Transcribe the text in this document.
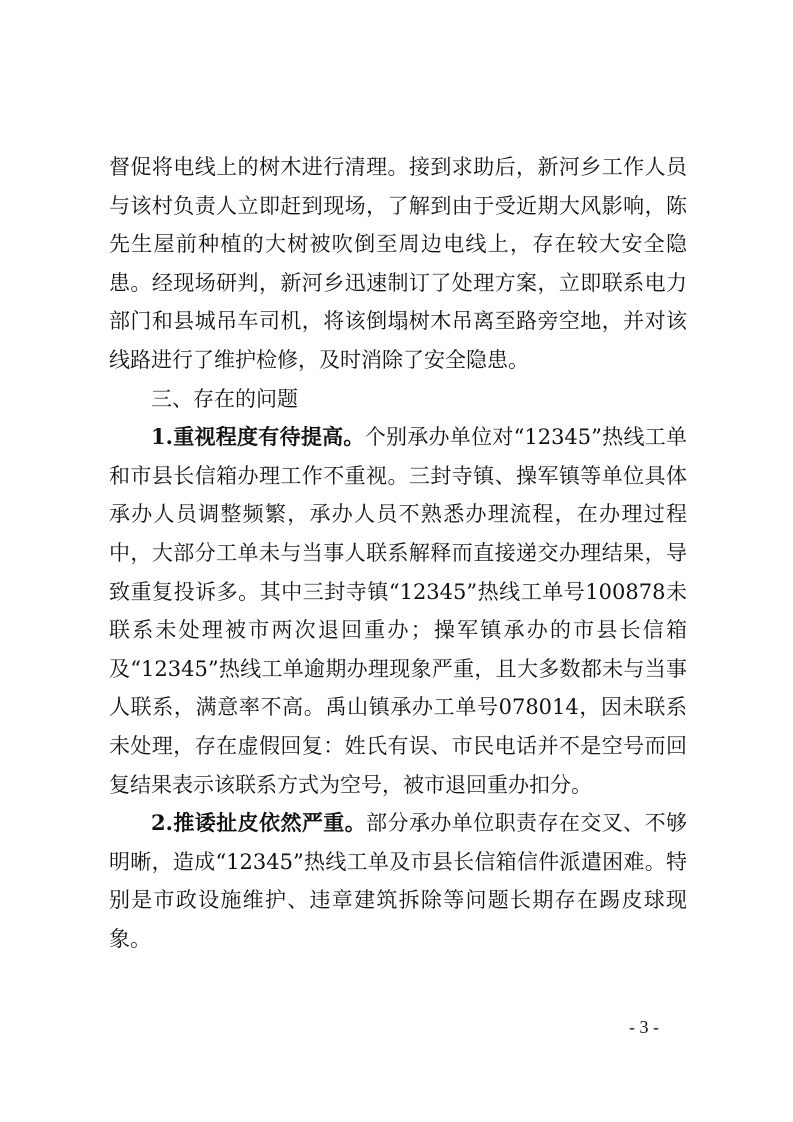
督促将电线上的树木进行清理。接到求助后，新河乡工作人员与该村负责人立即赶到现场，了解到由于受近期大风影响，陈先生屋前种植的大树被吹倒至周边电线上，存在较大安全隐患。经现场研判，新河乡迅速制订了处理方案，立即联系电力部门和县城吊车司机，将该倒塌树木吊离至路旁空地，并对该线路进行了维护检修，及时消除了安全隐患。

三、存在的问题

1.重视程度有待提高。个别承办单位对“12345”热线工单和市县长信箱办理工作不重视。三封寺镇、操军镇等单位具体承办人员调整频繁，承办人员不熟悉办理流程，在办理过程中，大部分工单未与当事人联系解释而直接递交办理结果，导致重复投诉多。其中三封寺镇“12345”热线工单号100878未联系未处理被市两次退回重办；操军镇承办的市县长信箱及“12345”热线工单逾期办理现象严重，且大多数都未与当事人联系，满意率不高。禹山镇承办工单号078014，因未联系未处理，存在虚假回复：姓氏有误、市民电话并不是空号而回复结果表示该联系方式为空号，被市退回重办扣分。

2.推诿扯皮依然严重。部分承办单位职责存在交叉、不够明晰，造成“12345”热线工单及市县长信箱信件派遣困难。特别是市政设施维护、违章建筑拆除等问题长期存在踢皮球现象。

- 3 -
